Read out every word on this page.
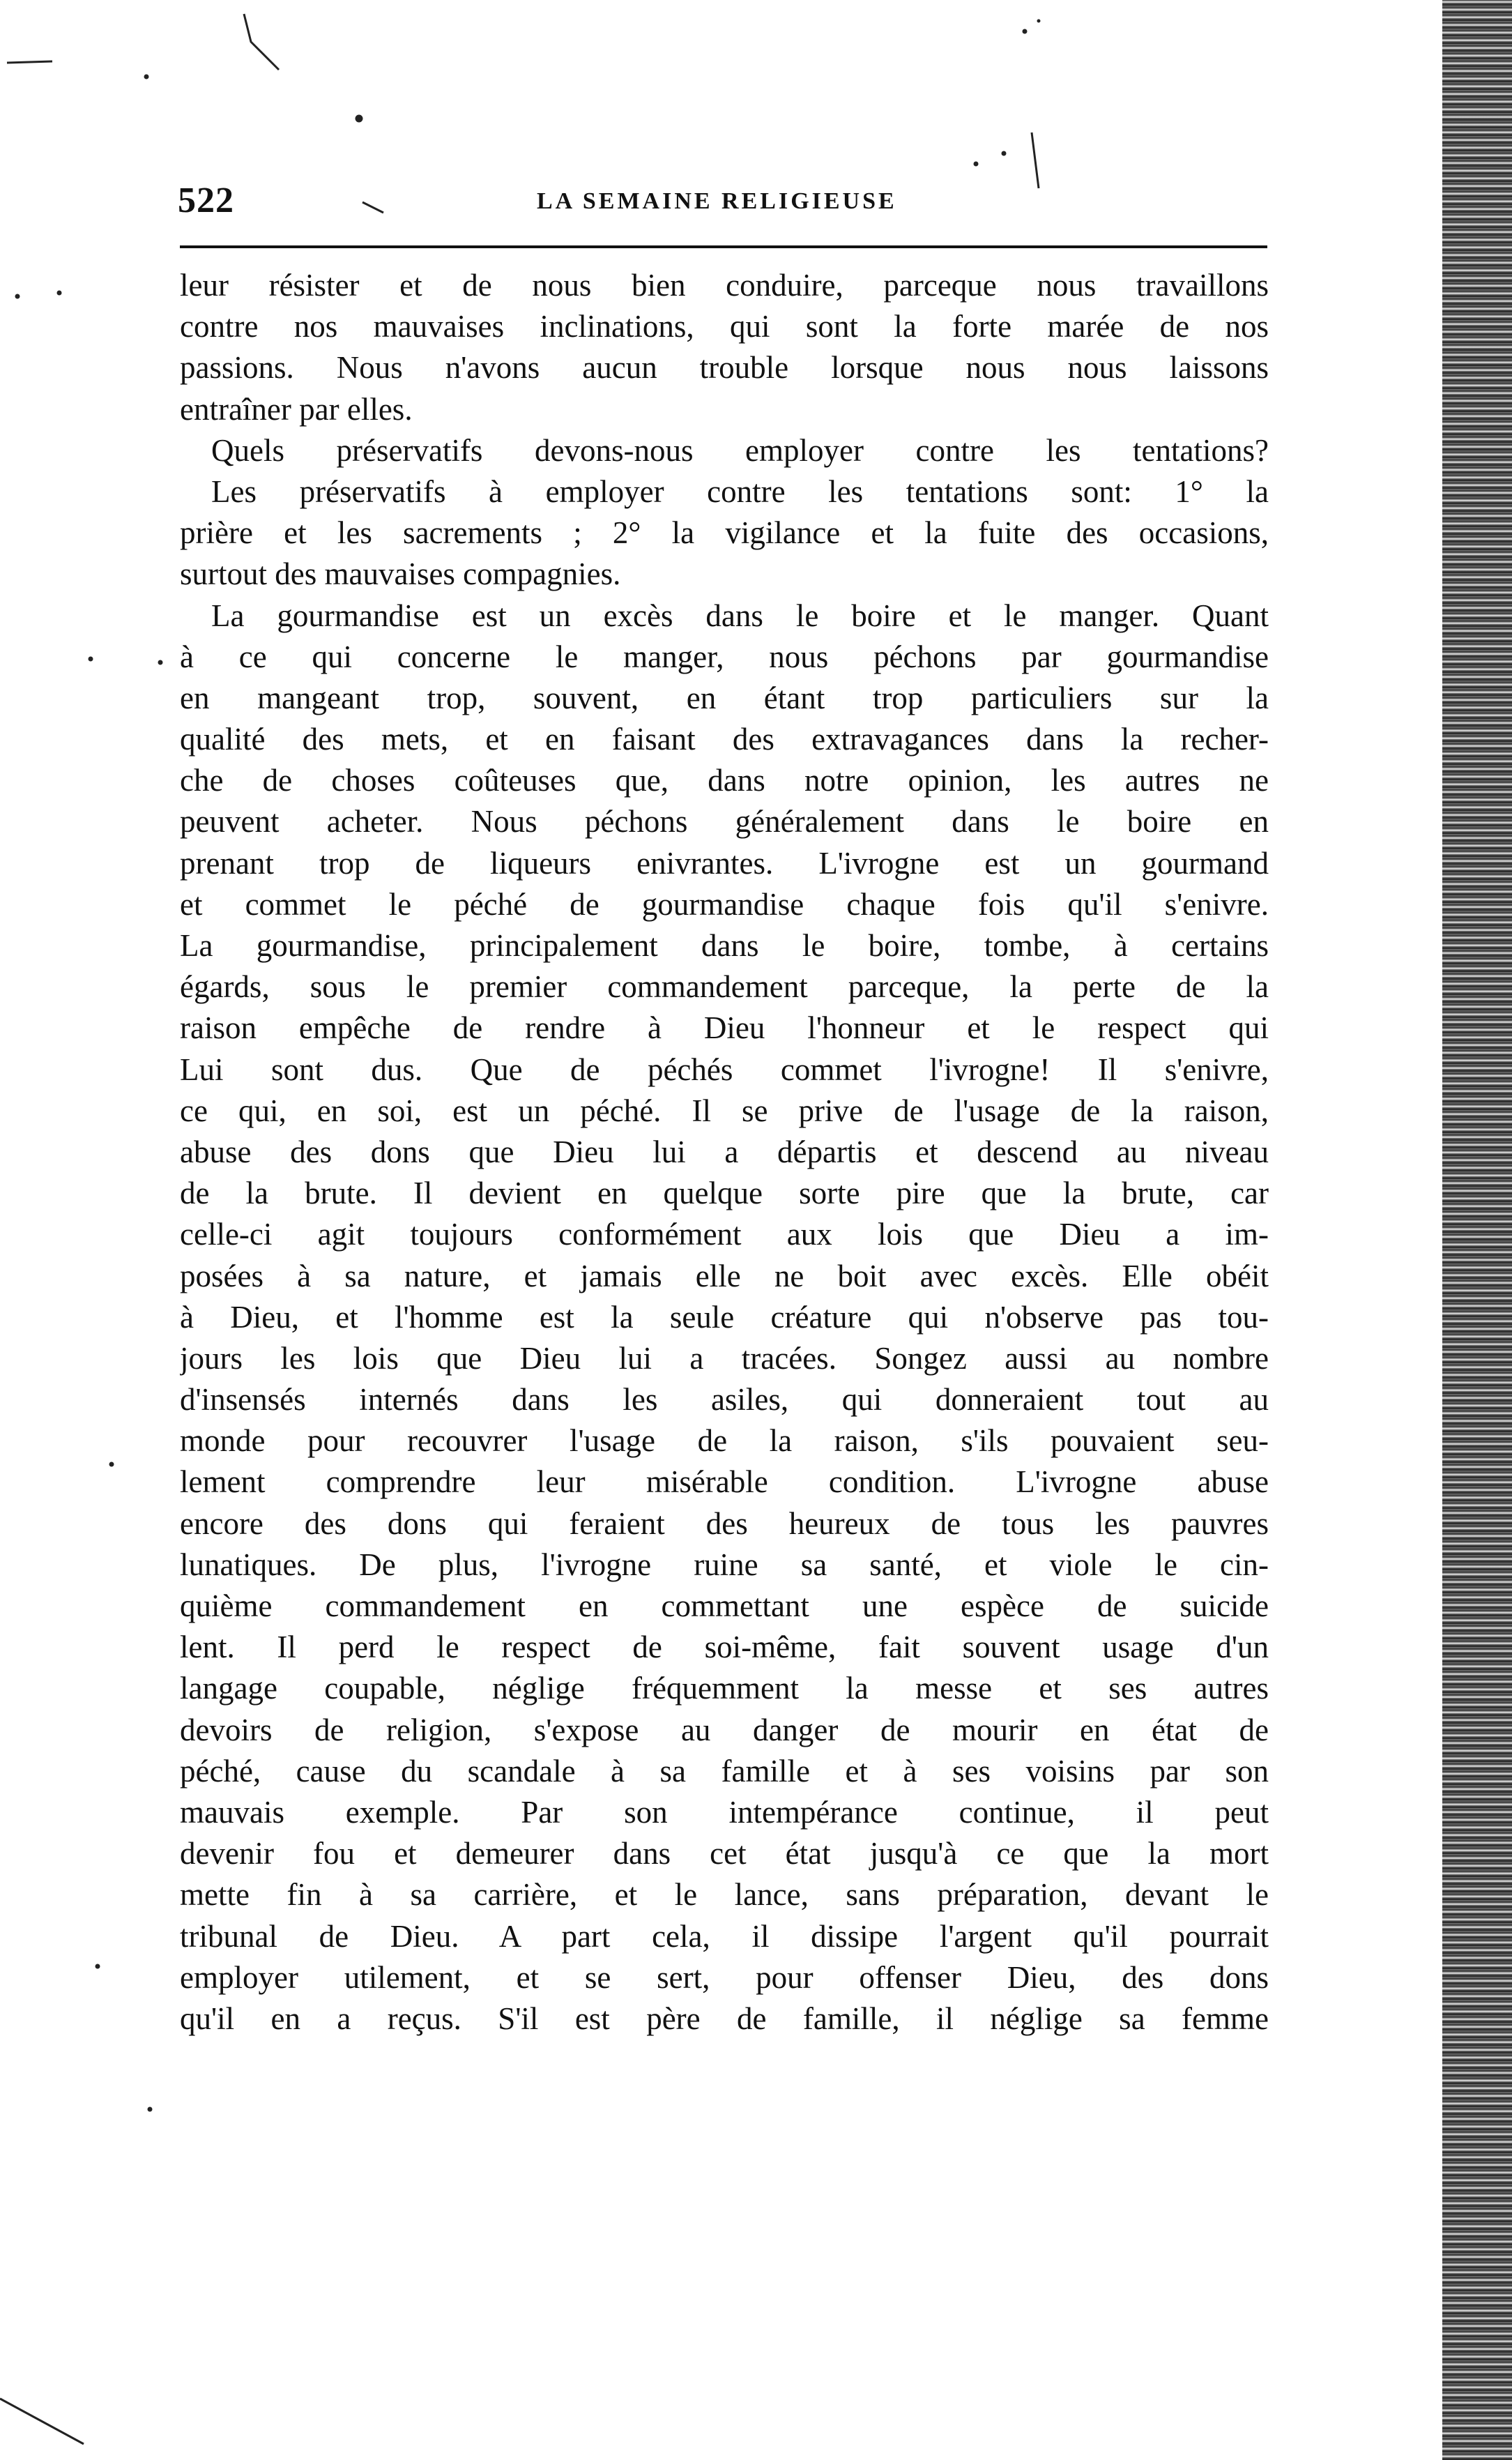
522	LA SEMAINE RELIGIEUSE
leur résister et de nous bien conduire, parceque nous travaillons
contre nos mauvaises inclinations, qui sont la forte marée de nos
passions. Nous n'avons aucun trouble lorsque nous nous laissons
entraîner par elles.
Quels préservatifs devons-nous employer contre les tentations?
Les préservatifs à employer contre les tentations sont: 1° la
prière et les sacrements ; 2° la vigilance et la fuite des occasions,
surtout des mauvaises compagnies.
La gourmandise est un excès dans le boire et le manger. Quant
à ce qui concerne le manger, nous péchons par gourmandise
en mangeant trop, souvent, en étant trop particuliers sur la
qualité des mets, et en faisant des extravagances dans la recher-
che de choses coûteuses que, dans notre opinion, les autres ne
peuvent acheter. Nous péchons généralement dans le boire en
prenant trop de liqueurs enivrantes. L'ivrogne est un gourmand
et commet le péché de gourmandise chaque fois qu'il s'enivre.
La gourmandise, principalement dans le boire, tombe, à certains
égards, sous le premier commandement parceque, la perte de la
raison empêche de rendre à Dieu l'honneur et le respect qui
Lui sont dus. Que de péchés commet l'ivrogne! Il s'enivre,
ce qui, en soi, est un péché. Il se prive de l'usage de la raison,
abuse des dons que Dieu lui a départis et descend au niveau
de la brute. Il devient en quelque sorte pire que la brute, car
celle-ci agit toujours conformément aux lois que Dieu a im-
posées à sa nature, et jamais elle ne boit avec excès. Elle obéit
à Dieu, et l'homme est la seule créature qui n'observe pas tou-
jours les lois que Dieu lui a tracées. Songez aussi au nombre
d'insensés internés dans les asiles, qui donneraient tout au
monde pour recouvrer l'usage de la raison, s'ils pouvaient seu-
lement comprendre leur misérable condition. L'ivrogne abuse
encore des dons qui feraient des heureux de tous les pauvres
lunatiques. De plus, l'ivrogne ruine sa santé, et viole le cin-
quième commandement en commettant une espèce de suicide
lent. Il perd le respect de soi-même, fait souvent usage d'un
langage coupable, néglige fréquemment la messe et ses autres
devoirs de religion, s'expose au danger de mourir en état de
péché, cause du scandale à sa famille et à ses voisins par son
mauvais exemple. Par son intempérance continue, il peut
devenir fou et demeurer dans cet état jusqu'à ce que la mort
mette fin à sa carrière, et le lance, sans préparation, devant le
tribunal de Dieu. A part cela, il dissipe l'argent qu'il pourrait
employer utilement, et se sert, pour offenser Dieu, des dons
qu'il en a reçus. S'il est père de famille, il néglige sa femme
